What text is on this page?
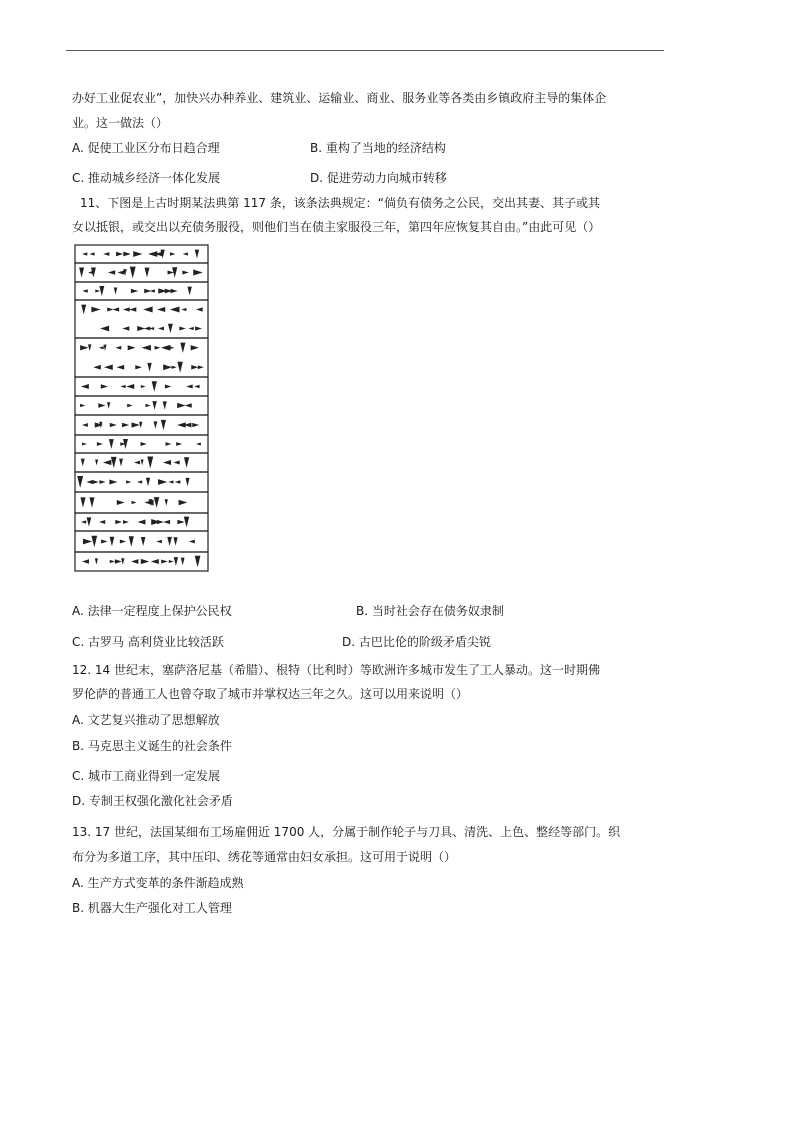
办好工业促农业”，加快兴办种养业、建筑业、运输业、商业、服务业等各类由乡镇政府主导的集体企
业。这一做法（）
A. 促使工业区分布日趋合理	B. 重构了当地的经济结构
C. 推动城乡经济一体化发展	D. 促进劳动力向城市转移
11、下图是上古时期某法典第 117 条，该条法典规定：“倘负有债务之公民，交出其妻、其子或其
女以抵银，或交出以充债务服役，则他们当在债主家服役三年，第四年应恢复其自由。”由此可见（）
A. 法律一定程度上保护公民权	B. 当时社会存在债务奴隶制
C. 古罗马 高利贷业比较活跃	D. 古巴比伦的阶级矛盾尖锐
12. 14 世纪末，塞萨洛尼基（希腊）、根特（比利时）等欧洲许多城市发生了工人暴动。这一时期佛
罗伦萨的普通工人也曾夺取了城市并掌权达三年之久。这可以用来说明（）
A. 文艺复兴推动了思想解放
B. 马克思主义诞生的社会条件
C. 城市工商业得到一定发展
D. 专制王权强化激化社会矛盾
13. 17 世纪，法国某细布工场雇佣近 1700 人，分属于制作轮子与刀具、清洗、上色、整经等部门。织
布分为多道工序，其中压印、绣花等通常由妇女承担。这可用于说明（）
A. 生产方式变革的条件渐趋成熟
B. 机器大生产强化对工人管理
